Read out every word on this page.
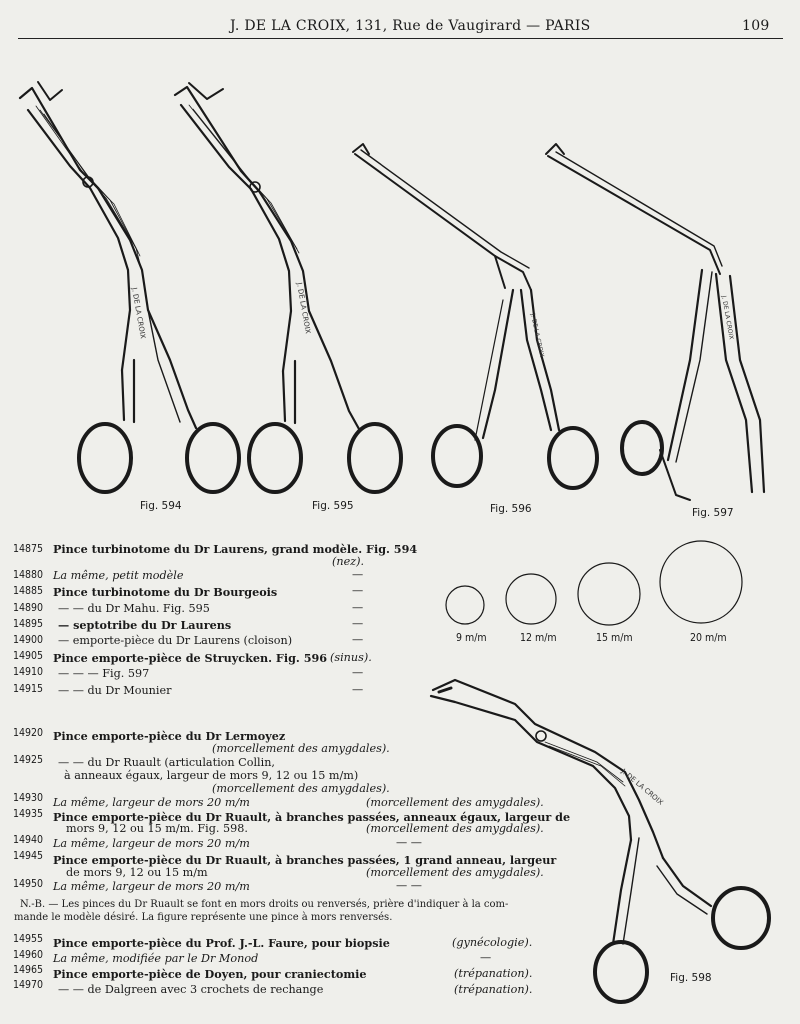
J. DE LA CROIX, 131, Rue de Vaugirard — PARIS	109
J. DE LA CROIX
Fig. 594
J. DE LA CROIX
Fig. 595
J. DE LA CROIX
Fig. 596
J. DE LA CROIX
Fig. 597
9 m/m	12 m/m	15 m/m	20 m/m
J. DE LA CROIX
Fig. 598
14875 Pince turbinotome du Dr Laurens, grand modèle. Fig. 594
(nez).
14880 La même, petit modèle	—
14885 Pince turbinotome du Dr Bourgeois	—
14890 — — du Dr Mahu. Fig. 595	—
14895 — septotribe du Dr Laurens	—
14900 — emporte-pièce du Dr Laurens (cloison)	—
14905 Pince emporte-pièce de Struycken. Fig. 596 (sinus).
14910 — — — Fig. 597	—
14915 — — du Dr Mounier	—
14920 Pince emporte-pièce du Dr Lermoyez
(morcellement des amygdales).
14925 — — du Dr Ruault (articulation Collin,
à anneaux égaux, largeur de mors 9, 12 ou 15 m/m)
(morcellement des amygdales).
14930 La même, largeur de mors 20 m/m	(morcellement des amygdales).
14935 Pince emporte-pièce du Dr Ruault, à branches passées, anneaux égaux, largeur de
mors 9, 12 ou 15 m/m. Fig. 598.	(morcellement des amygdales).
14940 La même, largeur de mors 20 m/m	— —
14945 Pince emporte-pièce du Dr Ruault, à branches passées, 1 grand anneau, largeur
de mors 9, 12 ou 15 m/m	(morcellement des amygdales).
14950 La même, largeur de mors 20 m/m	— —
N.-B. — Les pinces du Dr Ruault se font en mors droits ou renversés, prière d'indiquer à la com-
mande le modèle désiré. La figure représente une pince à mors renversés.
14955 Pince emporte-pièce du Prof. J.-L. Faure, pour biopsie	(gynécologie).
14960 La même, modifiée par le Dr Monod	—
14965 Pince emporte-pièce de Doyen, pour craniectomie	(trépanation).
14970 — — de Dalgreen avec 3 crochets de rechange	(trépanation).
